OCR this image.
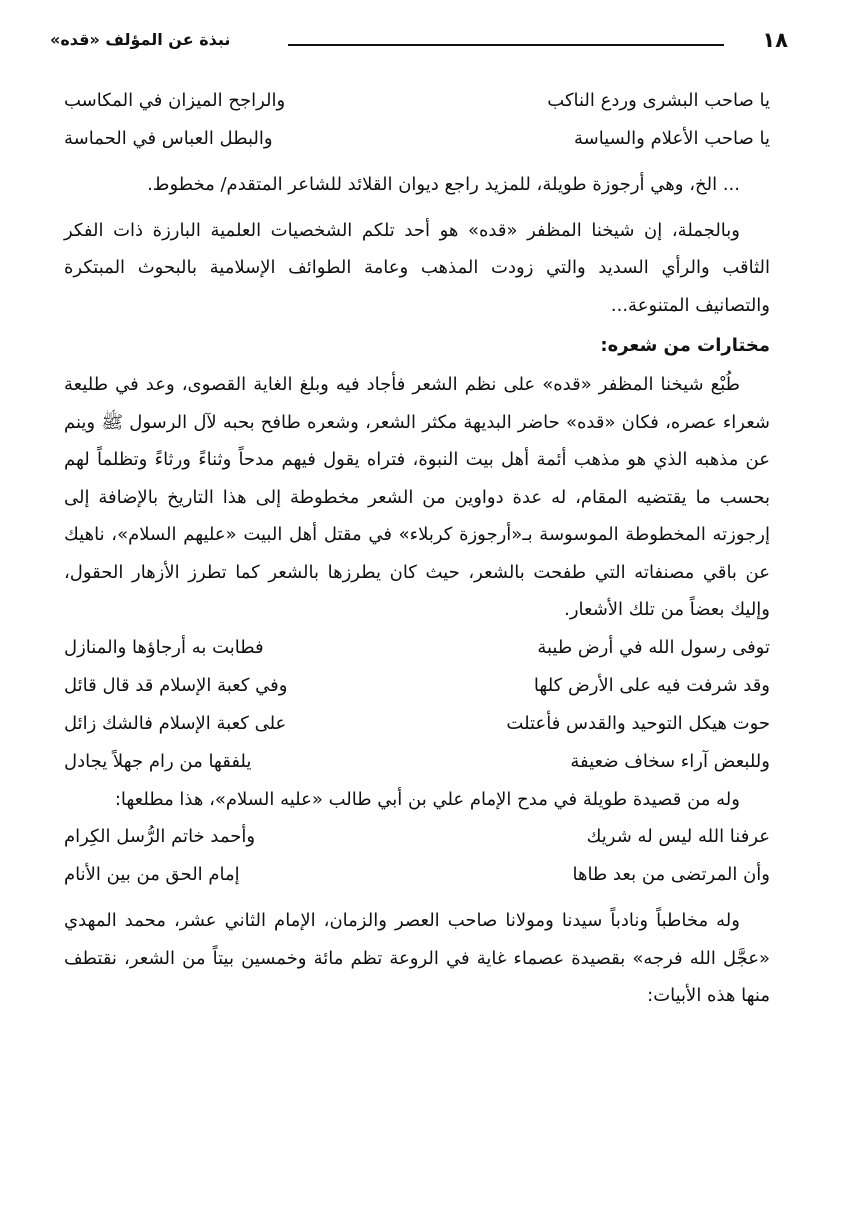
١٨
نبذة عن المؤلف «قده»
يا صاحب البشرى وردع الناكب
والراجح الميزان في المكاسب
يا صاحب الأعلام والسياسة
والبطل العباس في الحماسة

... الخ، وهي أرجوزة طويلة، للمزيد راجع ديوان القلائد للشاعر المتقدم/ مخطوط.

وبالجملة، إن شيخنا المظفر «قده» هو أحد تلكم الشخصيات العلمية البارزة ذات الفكر الثاقب والرأي السديد والتي زودت المذهب وعامة الطوائف الإسلامية بالبحوث المبتكرة والتصانيف المتنوعة...

مختارات من شعره:

طُبْع شيخنا المظفر «قده» على نظم الشعر فأجاد فيه وبلغ الغاية القصوى، وعد في طليعة شعراء عصره، فكان «قده» حاضر البديهة مكثر الشعر، وشعره طافح بحبه لآل الرسول ﷺ وينم عن مذهبه الذي هو مذهب أئمة أهل بيت النبوة، فتراه يقول فيهم مدحاً وثناءً ورثاءً وتظلماً لهم بحسب ما يقتضيه المقام، له عدة دواوين من الشعر مخطوطة إلى هذا التاريخ بالإضافة إلى إرجوزته المخطوطة الموسوسة بـ«أرجوزة كربلاء» في مقتل أهل البيت «عليهم السلام»، ناهيك عن باقي مصنفاته التي طفحت بالشعر، حيث كان يطرزها بالشعر كما تطرز الأزهار الحقول، وإليك بعضاً من تلك الأشعار.

توفى رسول الله في أرض طيبة
فطابت به أرجاؤها والمنازل
وقد شرفت فيه على الأرض كلها
وفي كعبة الإسلام قد قال قائل
حوت هيكل التوحيد والقدس فأعتلت
على كعبة الإسلام فالشك زائل
وللبعض آراء سخاف ضعيفة
يلفقها من رام جهلاً يجادل

وله من قصيدة طويلة في مدح الإمام علي بن أبي طالب «عليه السلام»، هذا مطلعها:

عرفنا الله ليس له شريك
وأحمد خاتم الرُّسل الكِرام
وأن المرتضى من بعد طاها
إمام الحق من بين الأنام

وله مخاطباً ونادباً سيدنا ومولانا صاحب العصر والزمان، الإمام الثاني عشر، محمد المهدي «عجَّل الله فرجه» بقصيدة عصماء غاية في الروعة تظم مائة وخمسين بيتاً من الشعر، نقتطف منها هذه الأبيات:
